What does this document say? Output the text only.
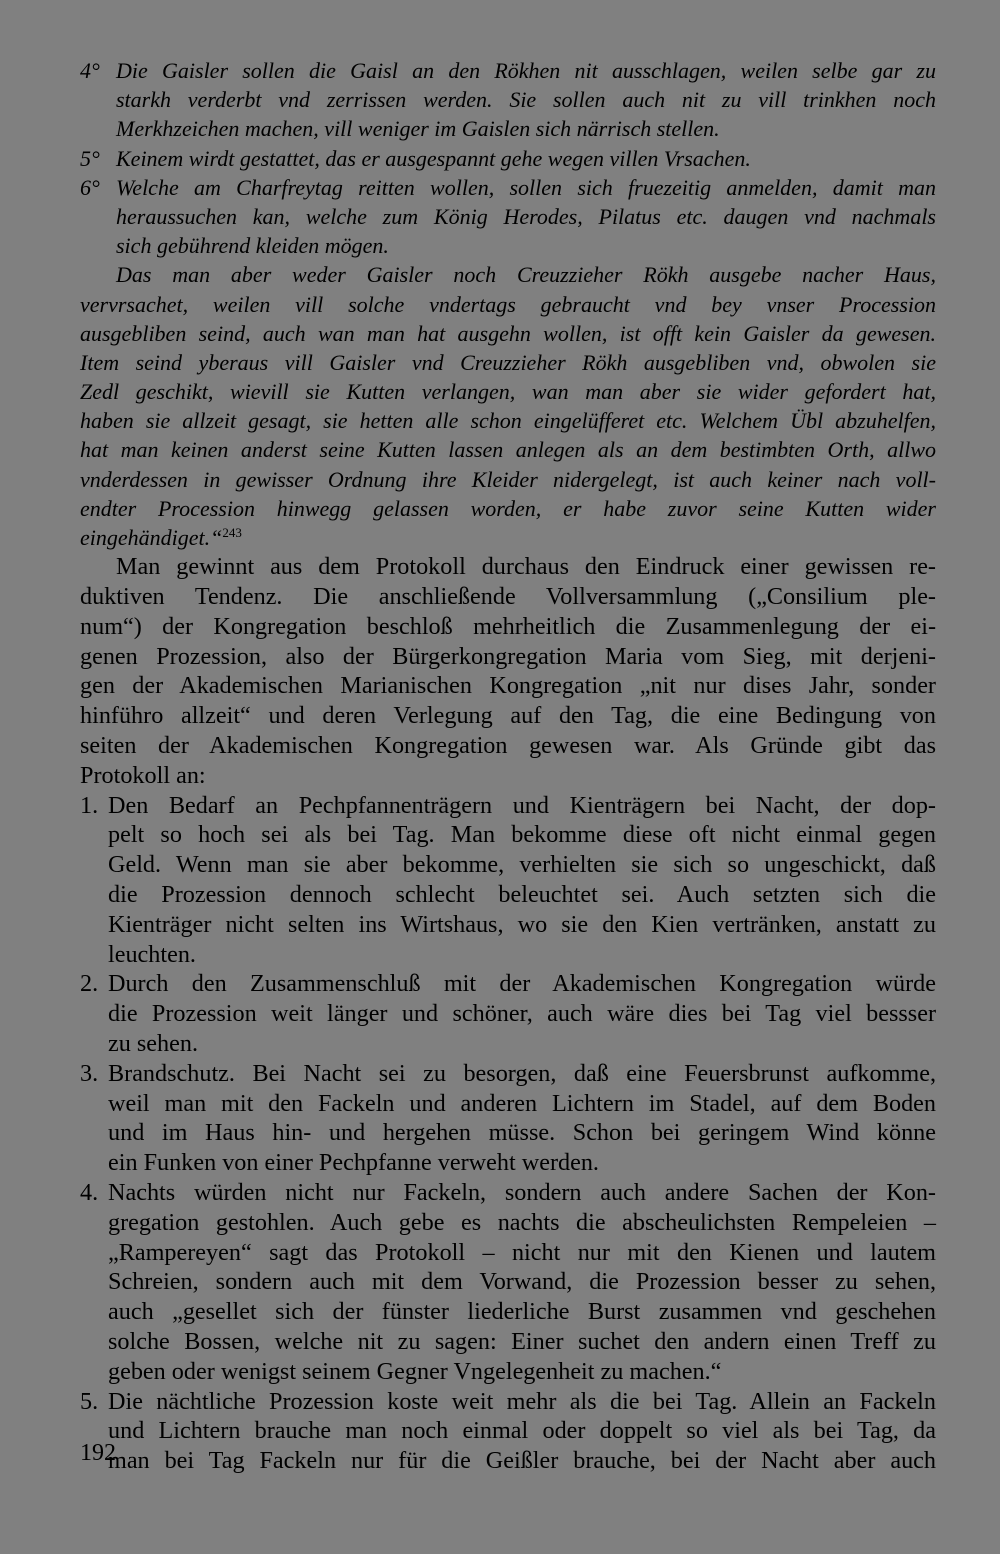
4° Die Gaisler sollen die Gaisl an den Rökhen nit ausschlagen, weilen selbe gar zu
starkh verderbt vnd zerrissen werden. Sie sollen auch nit zu vill trinkhen noch
Merkhzeichen machen, vill weniger im Gaislen sich närrisch stellen.
5° Keinem wirdt gestattet, das er ausgespannt gehe wegen villen Vrsachen.
6° Welche am Charfreytag reitten wollen, sollen sich fruezeitig anmelden, damit man
heraussuchen kan, welche zum König Herodes, Pilatus etc. daugen vnd nachmals
sich gebührend kleiden mögen.
Das man aber weder Gaisler noch Creuzzieher Rökh ausgebe nacher Haus,
vervrsachet, weilen vill solche vndertags gebraucht vnd bey vnser Procession
ausgebliben seind, auch wan man hat ausgehn wollen, ist offt kein Gaisler da gewesen.
Item seind yberaus vill Gaisler vnd Creuzzieher Rökh ausgebliben vnd, obwolen sie
Zedl geschikt, wievill sie Kutten verlangen, wan man aber sie wider gefordert hat,
haben sie allzeit gesagt, sie hetten alle schon eingelüfferet etc. Welchem Übl abzuhelfen,
hat man keinen anderst seine Kutten lassen anlegen als an dem bestimbten Orth, allwo
vnderdessen in gewisser Ordnung ihre Kleider nidergelegt, ist auch keiner nach voll-
endter Procession hinwegg gelassen worden, er habe zuvor seine Kutten wider
eingehändiget.“$^{243}$
Man gewinnt aus dem Protokoll durchaus den Eindruck einer gewissen re-
duktiven Tendenz. Die anschließende Vollversammlung („Consilium ple-
num“) der Kongregation beschloß mehrheitlich die Zusammenlegung der ei-
genen Prozession, also der Bürgerkongregation Maria vom Sieg, mit derjeni-
gen der Akademischen Marianischen Kongregation „nit nur dises Jahr, sonder
hinführo allzeit“ und deren Verlegung auf den Tag, die eine Bedingung von
seiten der Akademischen Kongregation gewesen war. Als Gründe gibt das
Protokoll an:
1. Den Bedarf an Pechpfannenträgern und Kienträgern bei Nacht, der dop-
pelt so hoch sei als bei Tag. Man bekomme diese oft nicht einmal gegen
Geld. Wenn man sie aber bekomme, verhielten sie sich so ungeschickt, daß
die Prozession dennoch schlecht beleuchtet sei. Auch setzten sich die
Kienträger nicht selten ins Wirtshaus, wo sie den Kien vertränken, anstatt zu
leuchten.
2. Durch den Zusammenschluß mit der Akademischen Kongregation würde
die Prozession weit länger und schöner, auch wäre dies bei Tag viel bessser
zu sehen.
3. Brandschutz. Bei Nacht sei zu besorgen, daß eine Feuersbrunst aufkomme,
weil man mit den Fackeln und anderen Lichtern im Stadel, auf dem Boden
und im Haus hin- und hergehen müsse. Schon bei geringem Wind könne
ein Funken von einer Pechpfanne verweht werden.
4. Nachts würden nicht nur Fackeln, sondern auch andere Sachen der Kon-
gregation gestohlen. Auch gebe es nachts die abscheulichsten Rempeleien –
„Rampereyen“ sagt das Protokoll – nicht nur mit den Kienen und lautem
Schreien, sondern auch mit dem Vorwand, die Prozession besser zu sehen,
auch „gesellet sich der fünster liederliche Burst zusammen vnd geschehen
solche Bossen, welche nit zu sagen: Einer suchet den andern einen Treff zu
geben oder wenigst seinem Gegner Vngelegenheit zu machen.“
5. Die nächtliche Prozession koste weit mehr als die bei Tag. Allein an Fackeln
und Lichtern brauche man noch einmal oder doppelt so viel als bei Tag, da
man bei Tag Fackeln nur für die Geißler brauche, bei der Nacht aber auch
192
